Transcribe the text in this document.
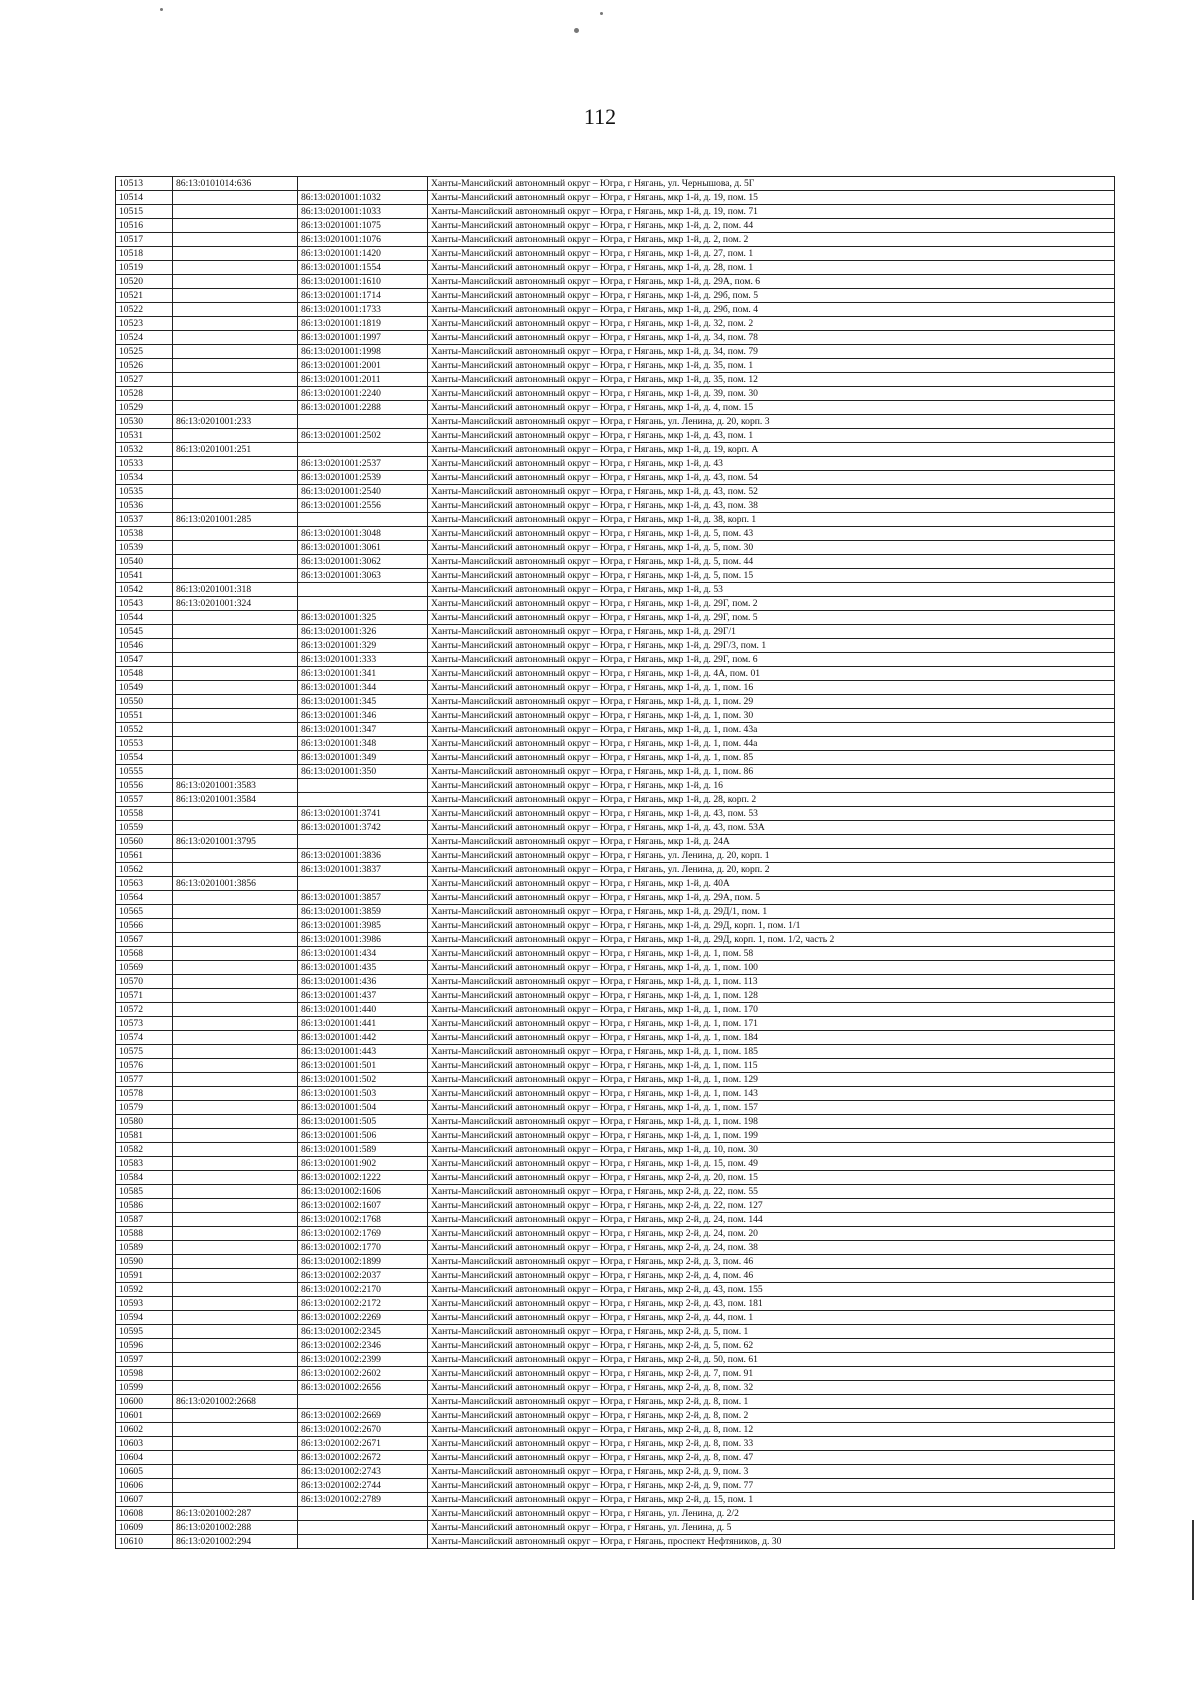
112
10513	86:13:0101014:636		Ханты-Мансийский автономный округ – Югра, г Нягань, ул. Чернышова, д. 5Г
10514		86:13:0201001:1032	Ханты-Мансийский автономный округ – Югра, г Нягань, мкр 1-й, д. 19, пом. 15
10515		86:13:0201001:1033	Ханты-Мансийский автономный округ – Югра, г Нягань, мкр 1-й, д. 19, пом. 71
10516		86:13:0201001:1075	Ханты-Мансийский автономный округ – Югра, г Нягань, мкр 1-й, д. 2, пом. 44
10517		86:13:0201001:1076	Ханты-Мансийский автономный округ – Югра, г Нягань, мкр 1-й, д. 2, пом. 2
10518		86:13:0201001:1420	Ханты-Мансийский автономный округ – Югра, г Нягань, мкр 1-й, д. 27, пом. 1
10519		86:13:0201001:1554	Ханты-Мансийский автономный округ – Югра, г Нягань, мкр 1-й, д. 28, пом. 1
10520		86:13:0201001:1610	Ханты-Мансийский автономный округ – Югра, г Нягань, мкр 1-й, д. 29А, пом. 6
10521		86:13:0201001:1714	Ханты-Мансийский автономный округ – Югра, г Нягань, мкр 1-й, д. 29б, пом. 5
10522		86:13:0201001:1733	Ханты-Мансийский автономный округ – Югра, г Нягань, мкр 1-й, д. 29б, пом. 4
10523		86:13:0201001:1819	Ханты-Мансийский автономный округ – Югра, г Нягань, мкр 1-й, д. 32, пом. 2
10524		86:13:0201001:1997	Ханты-Мансийский автономный округ – Югра, г Нягань, мкр 1-й, д. 34, пом. 78
10525		86:13:0201001:1998	Ханты-Мансийский автономный округ – Югра, г Нягань, мкр 1-й, д. 34, пом. 79
10526		86:13:0201001:2001	Ханты-Мансийский автономный округ – Югра, г Нягань, мкр 1-й, д. 35, пом. 1
10527		86:13:0201001:2011	Ханты-Мансийский автономный округ – Югра, г Нягань, мкр 1-й, д. 35, пом. 12
10528		86:13:0201001:2240	Ханты-Мансийский автономный округ – Югра, г Нягань, мкр 1-й, д. 39, пом. 30
10529		86:13:0201001:2288	Ханты-Мансийский автономный округ – Югра, г Нягань, мкр 1-й, д. 4, пом. 15
10530	86:13:0201001:233		Ханты-Мансийский автономный округ – Югра, г Нягань, ул. Ленина, д. 20, корп. 3
10531		86:13:0201001:2502	Ханты-Мансийский автономный округ – Югра, г Нягань, мкр 1-й, д. 43, пом. 1
10532	86:13:0201001:251		Ханты-Мансийский автономный округ – Югра, г Нягань, мкр 1-й, д. 19, корп. А
10533		86:13:0201001:2537	Ханты-Мансийский автономный округ – Югра, г Нягань, мкр 1-й, д. 43
10534		86:13:0201001:2539	Ханты-Мансийский автономный округ – Югра, г Нягань, мкр 1-й, д. 43, пом. 54
10535		86:13:0201001:2540	Ханты-Мансийский автономный округ – Югра, г Нягань, мкр 1-й, д. 43, пом. 52
10536		86:13:0201001:2556	Ханты-Мансийский автономный округ – Югра, г Нягань, мкр 1-й, д. 43, пом. 38
10537	86:13:0201001:285		Ханты-Мансийский автономный округ – Югра, г Нягань, мкр 1-й, д. 38, корп. 1
10538		86:13:0201001:3048	Ханты-Мансийский автономный округ – Югра, г Нягань, мкр 1-й, д. 5, пом. 43
10539		86:13:0201001:3061	Ханты-Мансийский автономный округ – Югра, г Нягань, мкр 1-й, д. 5, пом. 30
10540		86:13:0201001:3062	Ханты-Мансийский автономный округ – Югра, г Нягань, мкр 1-й, д. 5, пом. 44
10541		86:13:0201001:3063	Ханты-Мансийский автономный округ – Югра, г Нягань, мкр 1-й, д. 5, пом. 15
10542	86:13:0201001:318		Ханты-Мансийский автономный округ – Югра, г Нягань, мкр 1-й, д. 53
10543	86:13:0201001:324		Ханты-Мансийский автономный округ – Югра, г Нягань, мкр 1-й, д. 29Г, пом. 2
10544		86:13:0201001:325	Ханты-Мансийский автономный округ – Югра, г Нягань, мкр 1-й, д. 29Г, пом. 5
10545		86:13:0201001:326	Ханты-Мансийский автономный округ – Югра, г Нягань, мкр 1-й, д. 29Г/1
10546		86:13:0201001:329	Ханты-Мансийский автономный округ – Югра, г Нягань, мкр 1-й, д. 29Г/3, пом. 1
10547		86:13:0201001:333	Ханты-Мансийский автономный округ – Югра, г Нягань, мкр 1-й, д. 29Г, пом. 6
10548		86:13:0201001:341	Ханты-Мансийский автономный округ – Югра, г Нягань, мкр 1-й, д. 4А, пом. 01
10549		86:13:0201001:344	Ханты-Мансийский автономный округ – Югра, г Нягань, мкр 1-й, д. 1, пом. 16
10550		86:13:0201001:345	Ханты-Мансийский автономный округ – Югра, г Нягань, мкр 1-й, д. 1, пом. 29
10551		86:13:0201001:346	Ханты-Мансийский автономный округ – Югра, г Нягань, мкр 1-й, д. 1, пом. 30
10552		86:13:0201001:347	Ханты-Мансийский автономный округ – Югра, г Нягань, мкр 1-й, д. 1, пом. 43а
10553		86:13:0201001:348	Ханты-Мансийский автономный округ – Югра, г Нягань, мкр 1-й, д. 1, пом. 44а
10554		86:13:0201001:349	Ханты-Мансийский автономный округ – Югра, г Нягань, мкр 1-й, д. 1, пом. 85
10555		86:13:0201001:350	Ханты-Мансийский автономный округ – Югра, г Нягань, мкр 1-й, д. 1, пом. 86
10556	86:13:0201001:3583		Ханты-Мансийский автономный округ – Югра, г Нягань, мкр 1-й, д. 16
10557	86:13:0201001:3584		Ханты-Мансийский автономный округ – Югра, г Нягань, мкр 1-й, д. 28, корп. 2
10558		86:13:0201001:3741	Ханты-Мансийский автономный округ – Югра, г Нягань, мкр 1-й, д. 43, пом. 53
10559		86:13:0201001:3742	Ханты-Мансийский автономный округ – Югра, г Нягань, мкр 1-й, д. 43, пом. 53А
10560	86:13:0201001:3795		Ханты-Мансийский автономный округ – Югра, г Нягань, мкр 1-й, д. 24А
10561		86:13:0201001:3836	Ханты-Мансийский автономный округ – Югра, г Нягань, ул. Ленина, д. 20, корп. 1
10562		86:13:0201001:3837	Ханты-Мансийский автономный округ – Югра, г Нягань, ул. Ленина, д. 20, корп. 2
10563	86:13:0201001:3856		Ханты-Мансийский автономный округ – Югра, г Нягань, мкр 1-й, д. 40А
10564		86:13:0201001:3857	Ханты-Мансийский автономный округ – Югра, г Нягань, мкр 1-й, д. 29А, пом. 5
10565		86:13:0201001:3859	Ханты-Мансийский автономный округ – Югра, г Нягань, мкр 1-й, д. 29Д/1, пом. 1
10566		86:13:0201001:3985	Ханты-Мансийский автономный округ – Югра, г Нягань, мкр 1-й, д. 29Д, корп. 1, пом. 1/1
10567		86:13:0201001:3986	Ханты-Мансийский автономный округ – Югра, г Нягань, мкр 1-й, д. 29Д, корп. 1, пом. 1/2, часть 2
10568		86:13:0201001:434	Ханты-Мансийский автономный округ – Югра, г Нягань, мкр 1-й, д. 1, пом. 58
10569		86:13:0201001:435	Ханты-Мансийский автономный округ – Югра, г Нягань, мкр 1-й, д. 1, пом. 100
10570		86:13:0201001:436	Ханты-Мансийский автономный округ – Югра, г Нягань, мкр 1-й, д. 1, пом. 113
10571		86:13:0201001:437	Ханты-Мансийский автономный округ – Югра, г Нягань, мкр 1-й, д. 1, пом. 128
10572		86:13:0201001:440	Ханты-Мансийский автономный округ – Югра, г Нягань, мкр 1-й, д. 1, пом. 170
10573		86:13:0201001:441	Ханты-Мансийский автономный округ – Югра, г Нягань, мкр 1-й, д. 1, пом. 171
10574		86:13:0201001:442	Ханты-Мансийский автономный округ – Югра, г Нягань, мкр 1-й, д. 1, пом. 184
10575		86:13:0201001:443	Ханты-Мансийский автономный округ – Югра, г Нягань, мкр 1-й, д. 1, пом. 185
10576		86:13:0201001:501	Ханты-Мансийский автономный округ – Югра, г Нягань, мкр 1-й, д. 1, пом. 115
10577		86:13:0201001:502	Ханты-Мансийский автономный округ – Югра, г Нягань, мкр 1-й, д. 1, пом. 129
10578		86:13:0201001:503	Ханты-Мансийский автономный округ – Югра, г Нягань, мкр 1-й, д. 1, пом. 143
10579		86:13:0201001:504	Ханты-Мансийский автономный округ – Югра, г Нягань, мкр 1-й, д. 1, пом. 157
10580		86:13:0201001:505	Ханты-Мансийский автономный округ – Югра, г Нягань, мкр 1-й, д. 1, пом. 198
10581		86:13:0201001:506	Ханты-Мансийский автономный округ – Югра, г Нягань, мкр 1-й, д. 1, пом. 199
10582		86:13:0201001:589	Ханты-Мансийский автономный округ – Югра, г Нягань, мкр 1-й, д. 10, пом. 30
10583		86:13:0201001:902	Ханты-Мансийский автономный округ – Югра, г Нягань, мкр 1-й, д. 15, пом. 49
10584		86:13:0201002:1222	Ханты-Мансийский автономный округ – Югра, г Нягань, мкр 2-й, д. 20, пом. 15
10585		86:13:0201002:1606	Ханты-Мансийский автономный округ – Югра, г Нягань, мкр 2-й, д. 22, пом. 55
10586		86:13:0201002:1607	Ханты-Мансийский автономный округ – Югра, г Нягань, мкр 2-й, д. 22, пом. 127
10587		86:13:0201002:1768	Ханты-Мансийский автономный округ – Югра, г Нягань, мкр 2-й, д. 24, пом. 144
10588		86:13:0201002:1769	Ханты-Мансийский автономный округ – Югра, г Нягань, мкр 2-й, д. 24, пом. 20
10589		86:13:0201002:1770	Ханты-Мансийский автономный округ – Югра, г Нягань, мкр 2-й, д. 24, пом. 38
10590		86:13:0201002:1899	Ханты-Мансийский автономный округ – Югра, г Нягань, мкр 2-й, д. 3, пом. 46
10591		86:13:0201002:2037	Ханты-Мансийский автономный округ – Югра, г Нягань, мкр 2-й, д. 4, пом. 46
10592		86:13:0201002:2170	Ханты-Мансийский автономный округ – Югра, г Нягань, мкр 2-й, д. 43, пом. 155
10593		86:13:0201002:2172	Ханты-Мансийский автономный округ – Югра, г Нягань, мкр 2-й, д. 43, пом. 181
10594		86:13:0201002:2269	Ханты-Мансийский автономный округ – Югра, г Нягань, мкр 2-й, д. 44, пом. 1
10595		86:13:0201002:2345	Ханты-Мансийский автономный округ – Югра, г Нягань, мкр 2-й, д. 5, пом. 1
10596		86:13:0201002:2346	Ханты-Мансийский автономный округ – Югра, г Нягань, мкр 2-й, д. 5, пом. 62
10597		86:13:0201002:2399	Ханты-Мансийский автономный округ – Югра, г Нягань, мкр 2-й, д. 50, пом. 61
10598		86:13:0201002:2602	Ханты-Мансийский автономный округ – Югра, г Нягань, мкр 2-й, д. 7, пом. 91
10599		86:13:0201002:2656	Ханты-Мансийский автономный округ – Югра, г Нягань, мкр 2-й, д. 8, пом. 32
10600	86:13:0201002:2668		Ханты-Мансийский автономный округ – Югра, г Нягань, мкр 2-й, д. 8, пом. 1
10601		86:13:0201002:2669	Ханты-Мансийский автономный округ – Югра, г Нягань, мкр 2-й, д. 8, пом. 2
10602		86:13:0201002:2670	Ханты-Мансийский автономный округ – Югра, г Нягань, мкр 2-й, д. 8, пом. 12
10603		86:13:0201002:2671	Ханты-Мансийский автономный округ – Югра, г Нягань, мкр 2-й, д. 8, пом. 33
10604		86:13:0201002:2672	Ханты-Мансийский автономный округ – Югра, г Нягань, мкр 2-й, д. 8, пом. 47
10605		86:13:0201002:2743	Ханты-Мансийский автономный округ – Югра, г Нягань, мкр 2-й, д. 9, пом. 3
10606		86:13:0201002:2744	Ханты-Мансийский автономный округ – Югра, г Нягань, мкр 2-й, д. 9, пом. 77
10607		86:13:0201002:2789	Ханты-Мансийский автономный округ – Югра, г Нягань, мкр 2-й, д. 15, пом. 1
10608	86:13:0201002:287		Ханты-Мансийский автономный округ – Югра, г Нягань, ул. Ленина, д. 2/2
10609	86:13:0201002:288		Ханты-Мансийский автономный округ – Югра, г Нягань, ул. Ленина, д. 5
10610	86:13:0201002:294		Ханты-Мансийский автономный округ – Югра, г Нягань, проспект Нефтяников, д. 30
